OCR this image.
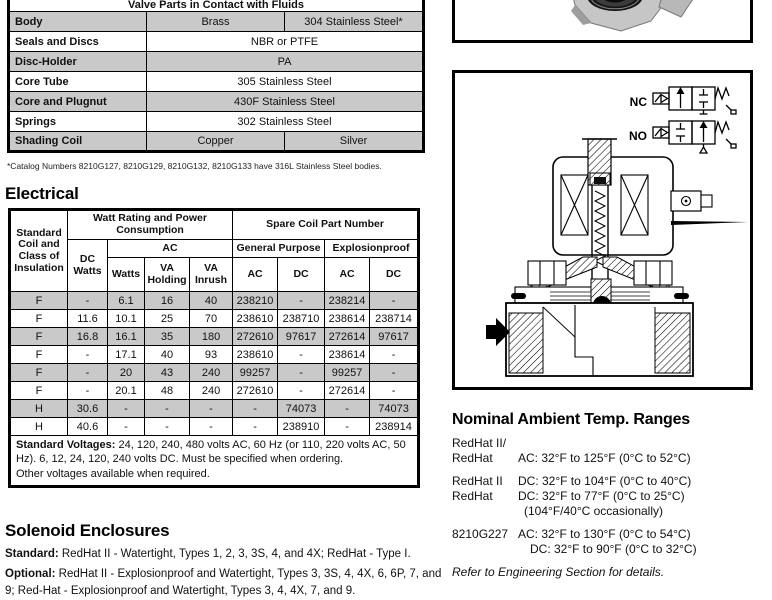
Valve Parts in Contact with Fluids		

Body	Brass	304 Stainless Steel*
Seals and Discs	NBR or PTFE	
Disc-Holder	PA	
Core Tube	305 Stainless Steel	
Core and Plugnut	430F Stainless Steel	
Springs	302 Stainless Steel	
Shading Coil	Copper	Silver
*Catalog Numbers 8210G127, 8210G129, 8210G132, 8210G133 have 316L Stainless Steel bodies.
Electrical
Standard Coil and Class of Insulation	Watt Rating and Power Consumption				Spare Coil Part Number			
	DC Watts	AC			General Purpose		Explosionproof	
		Watts	VA Holding	VA Inrush	AC	DC	AC	DC
F	-	6.1	16	40	238210	-	238214	-
F	11.6	10.1	25	70	238610	238710	238614	238714
F	16.8	16.1	35	180	272610	97617	272614	97617
F	-	17.1	40	93	238610	-	238614	-
F	-	20	43	240	99257	-	99257	-
F	-	20.1	48	240	272610	-	272614	-
H	30.6	-	-	-	-	74073	-	74073
H	40.6	-	-	-	-	238910	-	238914
Standard Voltages: 24, 120, 240, 480 volts AC, 60 Hz (or 110, 220 volts AC, 50 Hz). 6, 12, 24, 120, 240 volts DC. Must be specified when ordering.
Other voltages available when required.								
Solenoid Enclosures

Standard: RedHat II - Watertight, Types 1, 2, 3, 3S, 4, and 4X; RedHat - Type I.

Optional: RedHat II - Explosionproof and Watertight, Types 3, 3S, 4, 4X, 6, 6P, 7, and 9; Red-Hat - Explosionproof and Watertight, Types 3, 4, 4X, 7, and 9.

NC
NO
Nominal Ambient Temp. Ranges
RedHat II/
RedHat	AC: 32°F to 125°F (0°C to 52°C)
RedHat II	DC: 32°F to 104°F (0°C to 40°C)
RedHat	DC: 32°F to 77°F (0°C to 25°C)
(104°F/40°C occasionally)
8210G227 AC: 32°F to 130°F (0°C to 54°C)
DC: 32°F to 90°F (0°C to 32°C)
Refer to Engineering Section for details.
